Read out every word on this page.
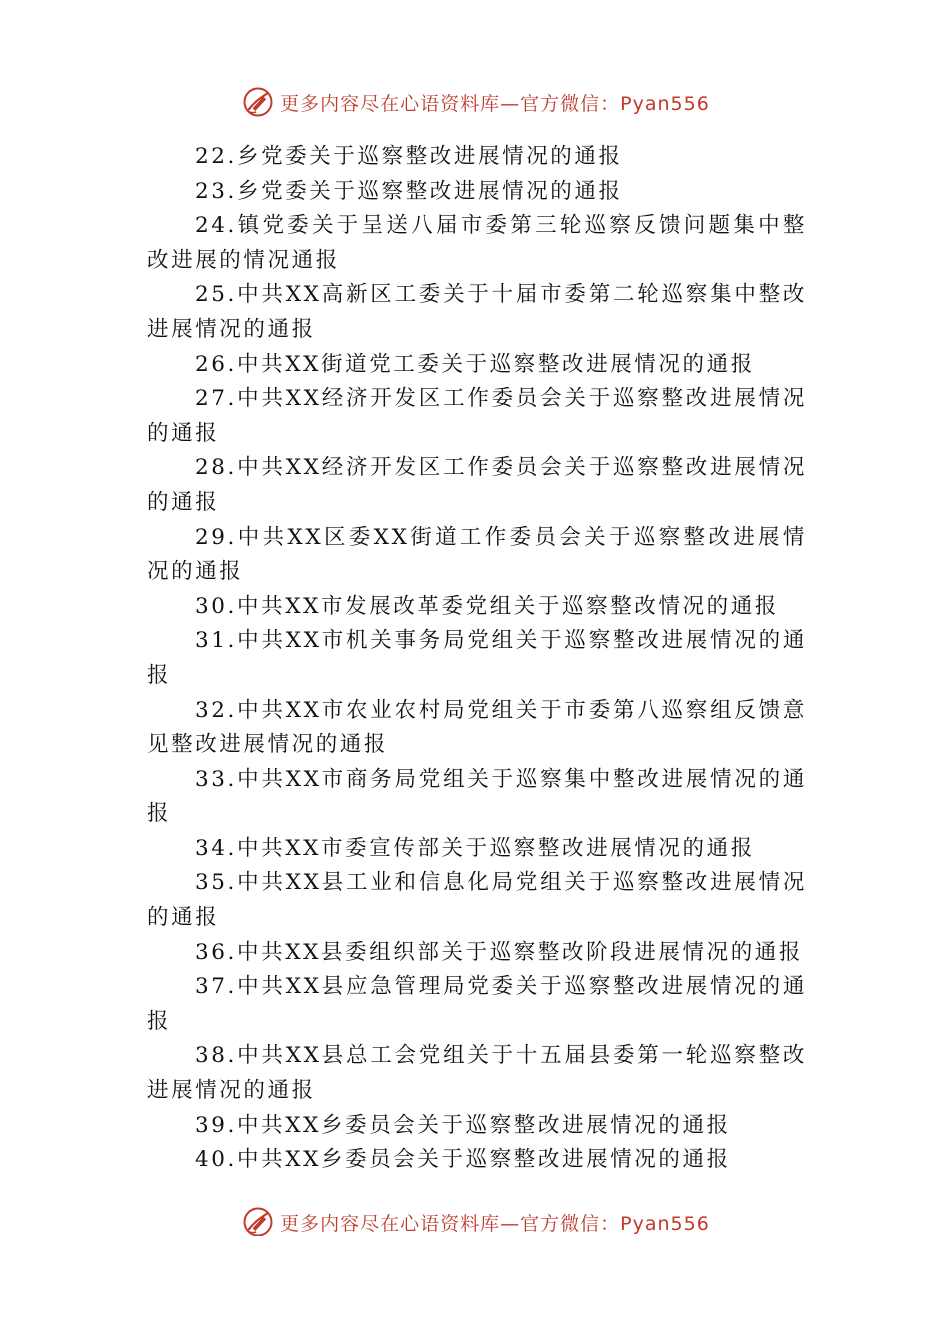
更多内容尽在心语资料库—官方微信：Pyan556

22.乡党委关于巡察整改进展情况的通报

23.乡党委关于巡察整改进展情况的通报

24.镇党委关于呈送八届市委第三轮巡察反馈问题集中整改进展的情况通报

25.中共XX高新区工委关于十届市委第二轮巡察集中整改进展情况的通报

26.中共XX街道党工委关于巡察整改进展情况的通报

27.中共XX经济开发区工作委员会关于巡察整改进展情况的通报

28.中共XX经济开发区工作委员会关于巡察整改进展情况的通报

29.中共XX区委XX街道工作委员会关于巡察整改进展情况的通报

30.中共XX市发展改革委党组关于巡察整改情况的通报

31.中共XX市机关事务局党组关于巡察整改进展情况的通报

32.中共XX市农业农村局党组关于市委第八巡察组反馈意见整改进展情况的通报

33.中共XX市商务局党组关于巡察集中整改进展情况的通报

34.中共XX市委宣传部关于巡察整改进展情况的通报

35.中共XX县工业和信息化局党组关于巡察整改进展情况的通报

36.中共XX县委组织部关于巡察整改阶段进展情况的通报

37.中共XX县应急管理局党委关于巡察整改进展情况的通报

38.中共XX县总工会党组关于十五届县委第一轮巡察整改进展情况的通报

39.中共XX乡委员会关于巡察整改进展情况的通报

40.中共XX乡委员会关于巡察整改进展情况的通报

更多内容尽在心语资料库—官方微信：Pyan556
